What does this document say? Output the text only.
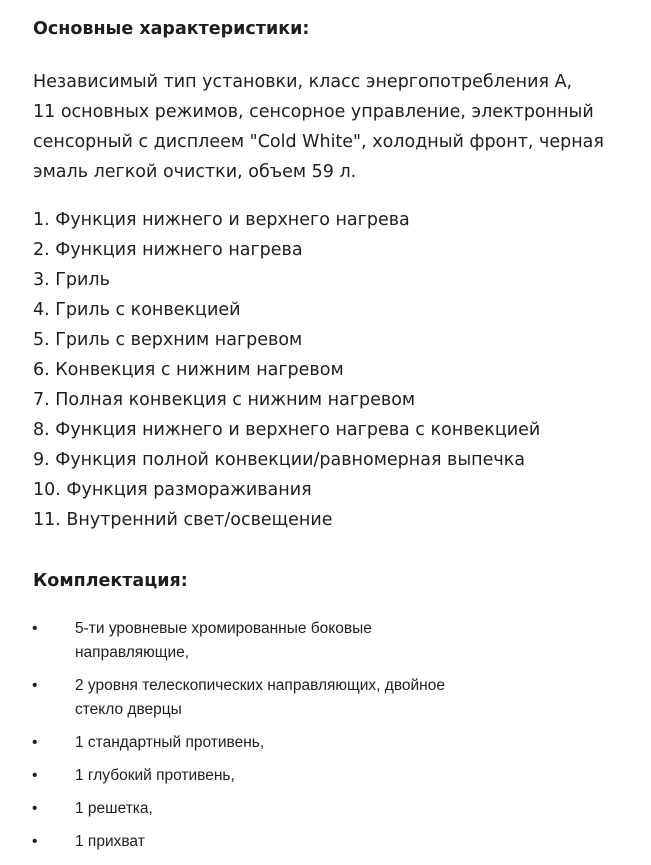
Основные характеристики:

Независимый тип установки, класс энергопотребления А,
11 основных режимов, сенсорное управление, электронный
сенсорный с дисплеем "Cold White", холодный фронт, черная
эмаль легкой очистки, объем 59 л.

1. Функция нижнего и верхнего нагрева
2. Функция нижнего нагрева
3. Гриль
4. Гриль с конвекцией
5. Гриль с верхним нагревом
6. Конвекция с нижним нагревом
7. Полная конвекция с нижним нагревом
8. Функция нижнего и верхнего нагрева с конвекцией
9. Функция полной конвекции/равномерная выпечка
10. Функция размораживания
11. Внутренний свет/освещение
Комплектация:
• 5-ти уровневые хромированные боковые
направляющие,
• 2 уровня телескопических направляющих, двойное
стекло дверцы
• 1 стандартный противень,
• 1 глубокий противень,
• 1 решетка,
• 1 прихват
